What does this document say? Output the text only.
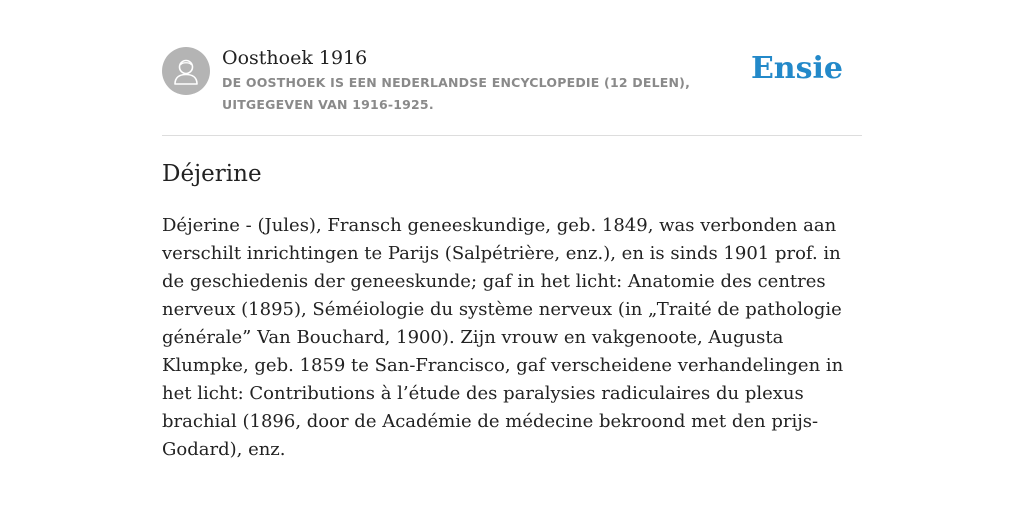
Oosthoek 1916
DE OOSTHOEK IS EEN NEDERLANDSE ENCYCLOPEDIE (12 DELEN), UITGEGEVEN VAN 1916-1925.
Ensie
Déjerine

Déjerine - (Jules), Fransch geneeskundige, geb. 1849, was verbonden aan verschilt inrichtingen te Parijs (Salpétrière, enz.), en is sinds 1901 prof. in de geschiedenis der geneeskunde; gaf in het licht: Anatomie des centres nerveux (1895), Séméiologie du système nerveux (in „Traité de pathologie générale” Van Bouchard, 1900). Zijn vrouw en vakgenoote, Augusta Klumpke, geb. 1859 te San-Francisco, gaf verscheidene verhandelingen in het licht: Contributions à l’étude des paralysies radiculaires du plexus brachial (1896, door de Académie de médecine bekroond met den prijs-Godard), enz.
